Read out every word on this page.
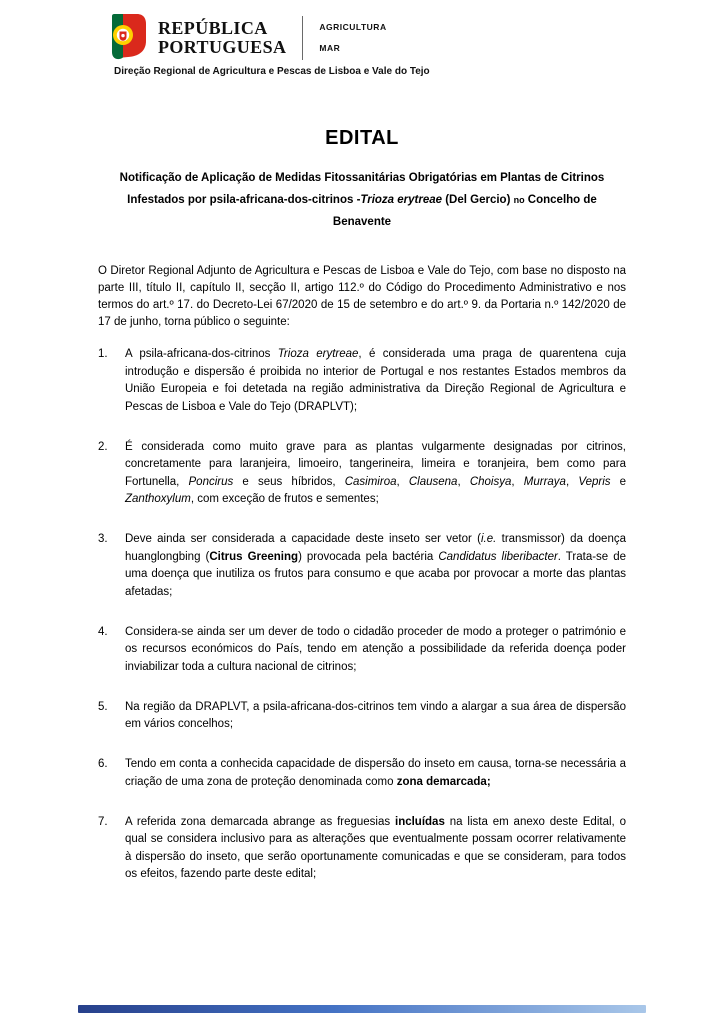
REPÚBLICA
PORTUGUESA
AGRICULTURA
MAR
Direção Regional de Agricultura e Pescas de Lisboa e Vale do Tejo
EDITAL
Notificação de Aplicação de Medidas Fitossanitárias Obrigatórias em Plantas de Citrinos Infestados por psila-africana-dos-citrinos -Trioza erytreae (Del Gercio) no Concelho de Benavente

O Diretor Regional Adjunto de Agricultura e Pescas de Lisboa e Vale do Tejo, com base no disposto na parte III, título II, capítulo II, secção II, artigo 112.º do Código do Procedimento Administrativo e nos termos do art.º 17. do Decreto-Lei 67/2020 de 15 de setembro e do art.º 9. da Portaria n.º 142/2020 de 17 de junho, torna público o seguinte:

1.	A psila-africana-dos-citrinos Trioza erytreae, é considerada uma praga de quarentena cuja introdução e dispersão é proibida no interior de Portugal e nos restantes Estados membros da União Europeia e foi detetada na região administrativa da Direção Regional de Agricultura e Pescas de Lisboa e Vale do Tejo (DRAPLVT);
2.	É considerada como muito grave para as plantas vulgarmente designadas por citrinos, concretamente para laranjeira, limoeiro, tangerineira, limeira e toranjeira, bem como para Fortunella, Poncirus e seus híbridos, Casimiroa, Clausena, Choisya, Murraya, Vepris e Zanthoxylum, com exceção de frutos e sementes;
3.	Deve ainda ser considerada a capacidade deste inseto ser vetor (i.e. transmissor) da doença huanglongbing (Citrus Greening) provocada pela bactéria Candidatus liberibacter. Trata-se de uma doença que inutiliza os frutos para consumo e que acaba por provocar a morte das plantas afetadas;
4.	Considera-se ainda ser um dever de todo o cidadão proceder de modo a proteger o património e os recursos económicos do País, tendo em atenção a possibilidade da referida doença poder inviabilizar toda a cultura nacional de citrinos;
5.	Na região da DRAPLVT, a psila-africana-dos-citrinos tem vindo a alargar a sua área de dispersão em vários concelhos;
6.	Tendo em conta a conhecida capacidade de dispersão do inseto em causa, torna-se necessária a criação de uma zona de proteção denominada como zona demarcada;
7.	A referida zona demarcada abrange as freguesias incluídas na lista em anexo deste Edital, o qual se considera inclusivo para as alterações que eventualmente possam ocorrer relativamente à dispersão do inseto, que serão oportunamente comunicadas e que se consideram, para todos os efeitos, fazendo parte deste edital;
